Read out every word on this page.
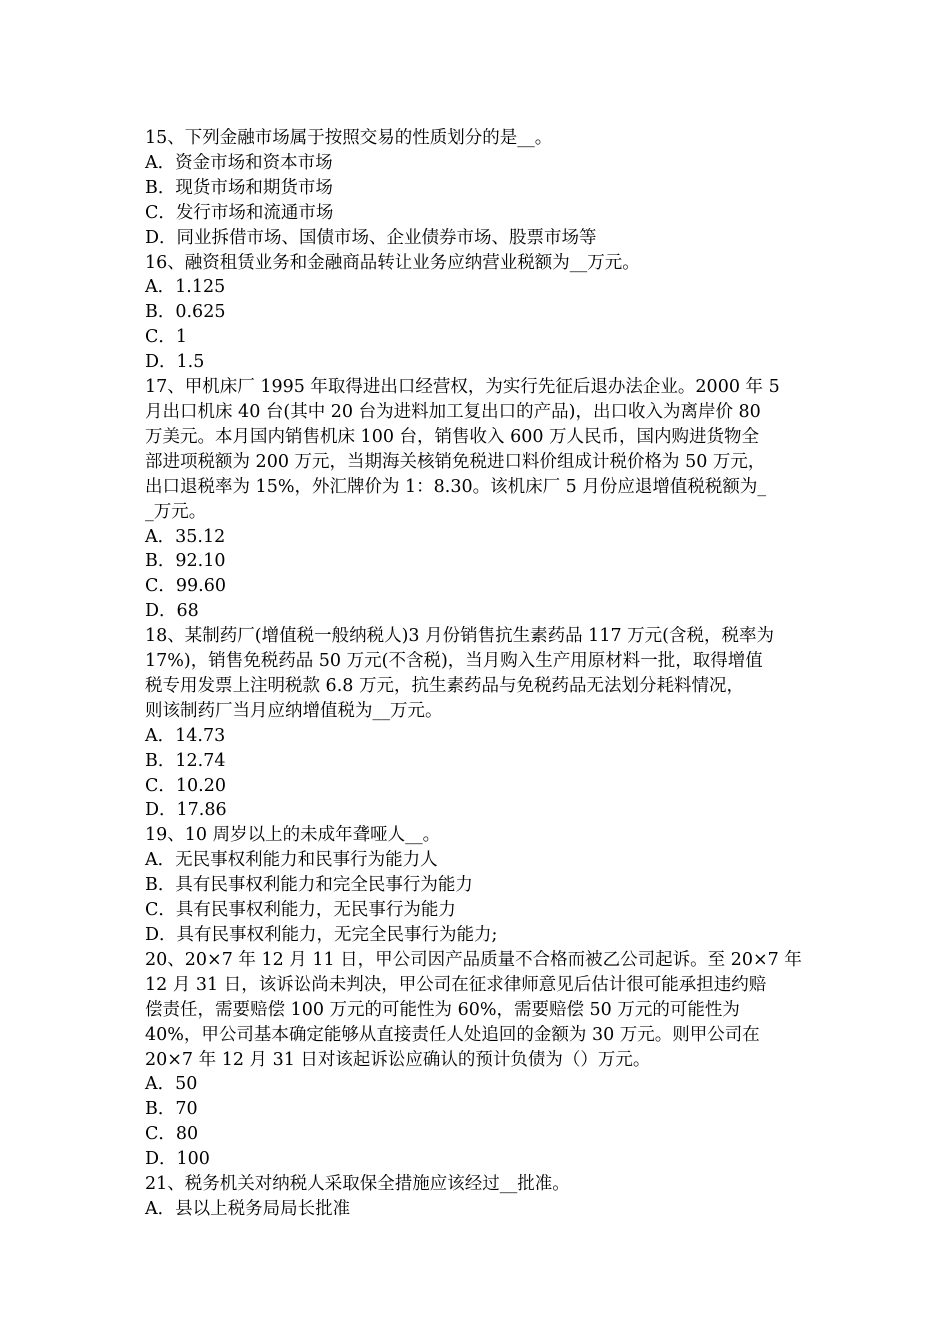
15、下列金融市场属于按照交易的性质划分的是__。
A．资金市场和资本市场
B．现货市场和期货市场
C．发行市场和流通市场
D．同业拆借市场、国债市场、企业债券市场、股票市场等
16、融资租赁业务和金融商品转让业务应纳营业税额为__万元。
A．1.125
B．0.625
C．1
D．1.5
17、甲机床厂 1995 年取得进出口经营权，为实行先征后退办法企业。2000 年 5
月出口机床 40 台(其中 20 台为进料加工复出口的产品)，出口收入为离岸价 80
万美元。本月国内销售机床 100 台，销售收入 600 万人民币，国内购进货物全
部进项税额为 200 万元，当期海关核销免税进口料价组成计税价格为 50 万元，
出口退税率为 15%，外汇牌价为 1：8.30。该机床厂 5 月份应退增值税税额为_
_万元。
A．35.12
B．92.10
C．99.60
D．68
18、某制药厂(增值税一般纳税人)3 月份销售抗生素药品 117 万元(含税，税率为
17%)，销售免税药品 50 万元(不含税)，当月购入生产用原材料一批，取得增值
税专用发票上注明税款 6.8 万元，抗生素药品与免税药品无法划分耗料情况，
则该制药厂当月应纳增值税为__万元。
A．14.73
B．12.74
C．10.20
D．17.86
19、10 周岁以上的未成年聋哑人__。
A．无民事权利能力和民事行为能力人
B．具有民事权利能力和完全民事行为能力
C．具有民事权利能力，无民事行为能力
D．具有民事权利能力，无完全民事行为能力;
20、20×7 年 12 月 11 日，甲公司因产品质量不合格而被乙公司起诉。至 20×7 年
12 月 31 日，该诉讼尚未判决，甲公司在征求律师意见后估计很可能承担违约赔
偿责任，需要赔偿 100 万元的可能性为 60%，需要赔偿 50 万元的可能性为
40%，甲公司基本确定能够从直接责任人处追回的金额为 30 万元。则甲公司在
20×7 年 12 月 31 日对该起诉讼应确认的预计负债为（）万元。
A．50
B．70
C．80
D．100
21、税务机关对纳税人采取保全措施应该经过__批准。
A．县以上税务局局长批准
